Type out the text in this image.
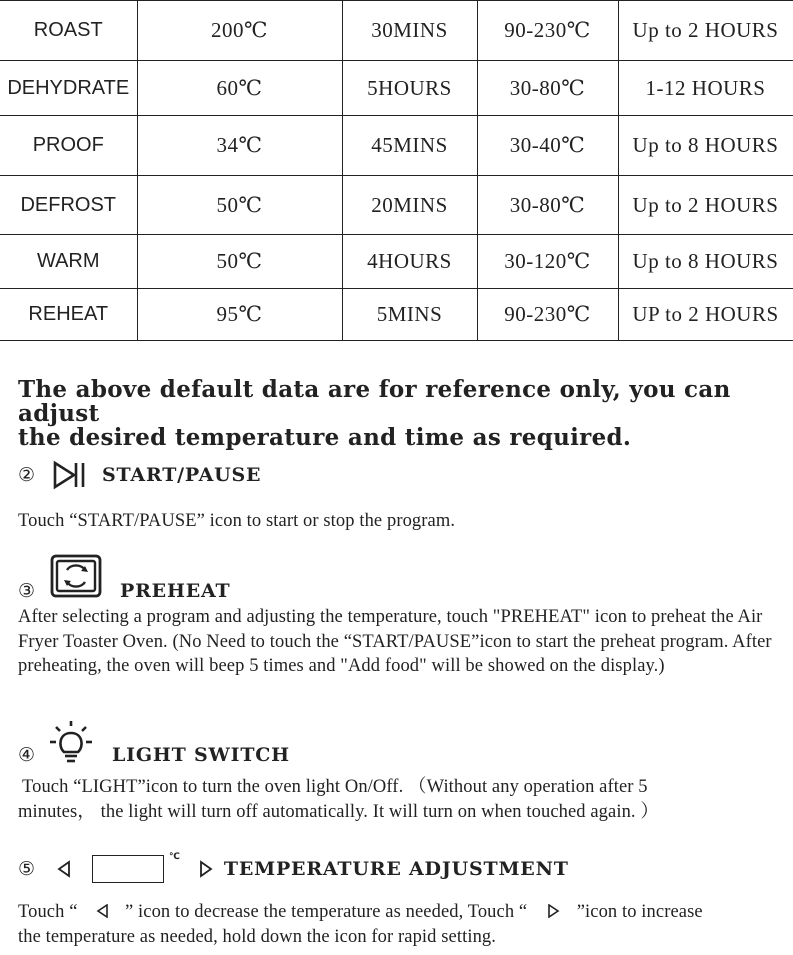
ROAST	200℃	30MINS	90-230℃	Up to 2 HOURS
DEHYDRATE	60℃	5HOURS	30-80℃	1-12 HOURS
PROOF	34℃	45MINS	30-40℃	Up to 8 HOURS
DEFROST	50℃	20MINS	30-80℃	Up to 2 HOURS
WARM	50℃	4HOURS	30-120℃	Up to 8 HOURS
REHEAT	95℃	5MINS	90-230℃	UP to 2 HOURS
The above default data are for reference only, you can adjust
the desired temperature and time as required.
②	START/PAUSE
Touch “START/PAUSE” icon to start or stop the program.
③	PREHEAT
After selecting a program and adjusting the temperature, touch "PREHEAT" icon to preheat the Air Fryer Toaster Oven. (No Need to touch the “START/PAUSE”icon to start the preheat program. After preheating, the oven will beep 5 times and "Add food" will be showed on the display.)
④	LIGHT SWITCH
Touch “LIGHT”icon to turn the oven light On/Off. （Without any operation after 5
minutes， the light will turn off automatically. It will turn on when touched again. ）
⑤
℃
TEMPERATURE ADJUSTMENT
Touch “	” icon to decrease the temperature as needed, Touch “	”icon to increase
the temperature as needed, hold down the icon for rapid setting.
